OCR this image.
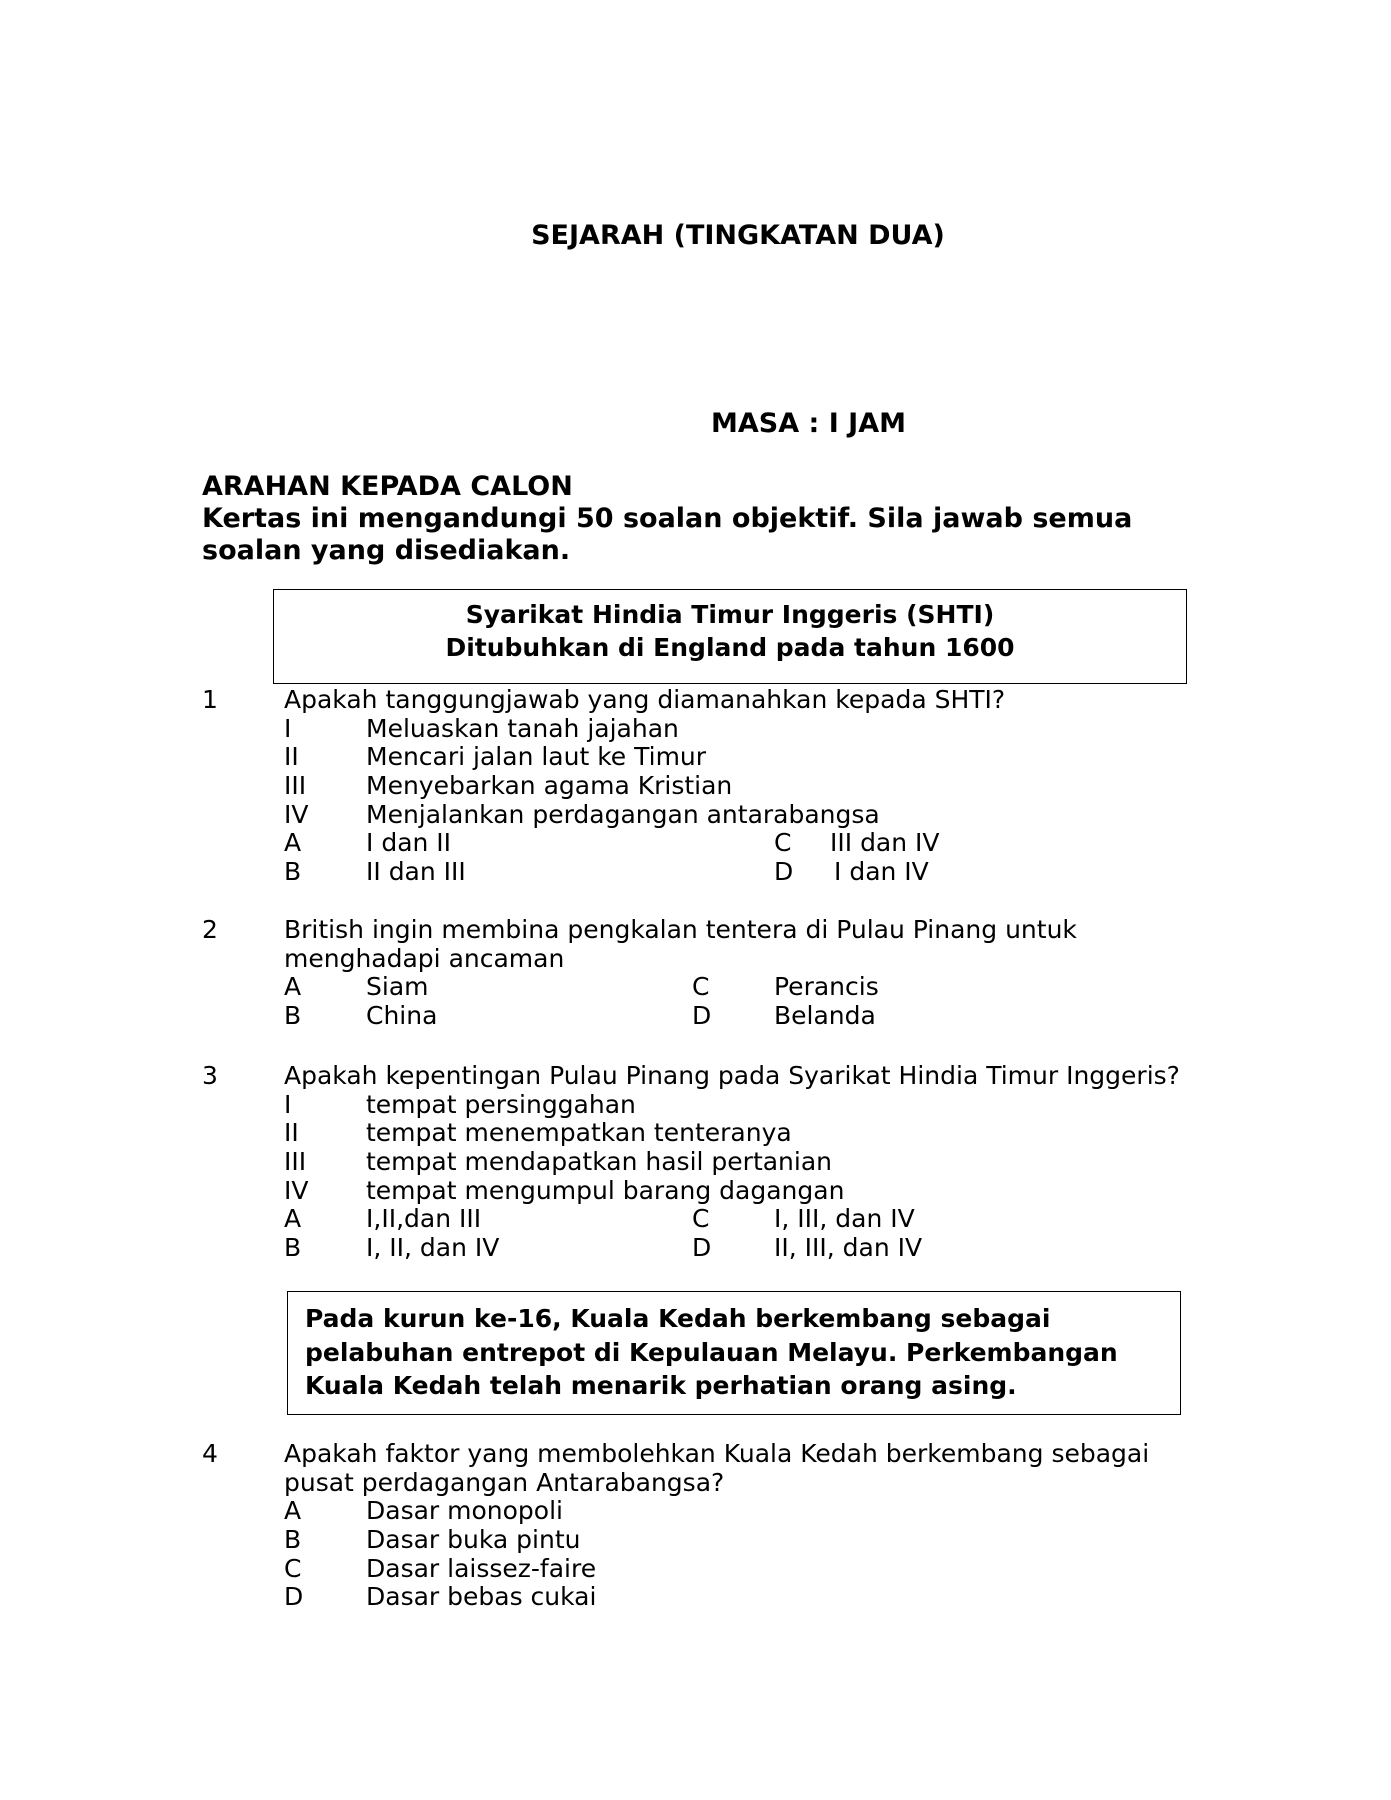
SEJARAH (TINGKATAN DUA)
MASA : I JAM
ARAHAN KEPADA CALON
Kertas ini mengandungi 50 soalan objektif. Sila jawab semua
soalan yang disediakan.
Syarikat Hindia Timur Inggeris (SHTI)
Ditubuhkan di England pada tahun 1600
1	Apakah tanggungjawab yang diamanahkan kepada SHTI?
I	Meluaskan tanah jajahan
II	Mencari jalan laut ke Timur
III Menyebarkan agama Kristian
IV Menjalankan perdagangan antarabangsa
A	I dan II	C III dan IV
B	II dan III	D I dan IV
2	British ingin membina pengkalan tentera di Pulau Pinang untuk
menghadapi ancaman
A	Siam	C	Perancis
B	China	D	Belanda
3	Apakah kepentingan Pulau Pinang pada Syarikat Hindia Timur Inggeris?
I	tempat persinggahan
II	tempat menempatkan tenteranya
III tempat mendapatkan hasil pertanian
IV tempat mengumpul barang dagangan
A	I,II,dan III	C	I, III, dan IV
B	I, II, dan IV	D	II, III, dan IV
Pada kurun ke-16, Kuala Kedah berkembang sebagai
pelabuhan entrepot di Kepulauan Melayu. Perkembangan
Kuala Kedah telah menarik perhatian orang asing.
4	Apakah faktor yang membolehkan Kuala Kedah berkembang sebagai
pusat perdagangan Antarabangsa?
A	Dasar monopoli
B	Dasar buka pintu
C	Dasar laissez-faire
D	Dasar bebas cukai
